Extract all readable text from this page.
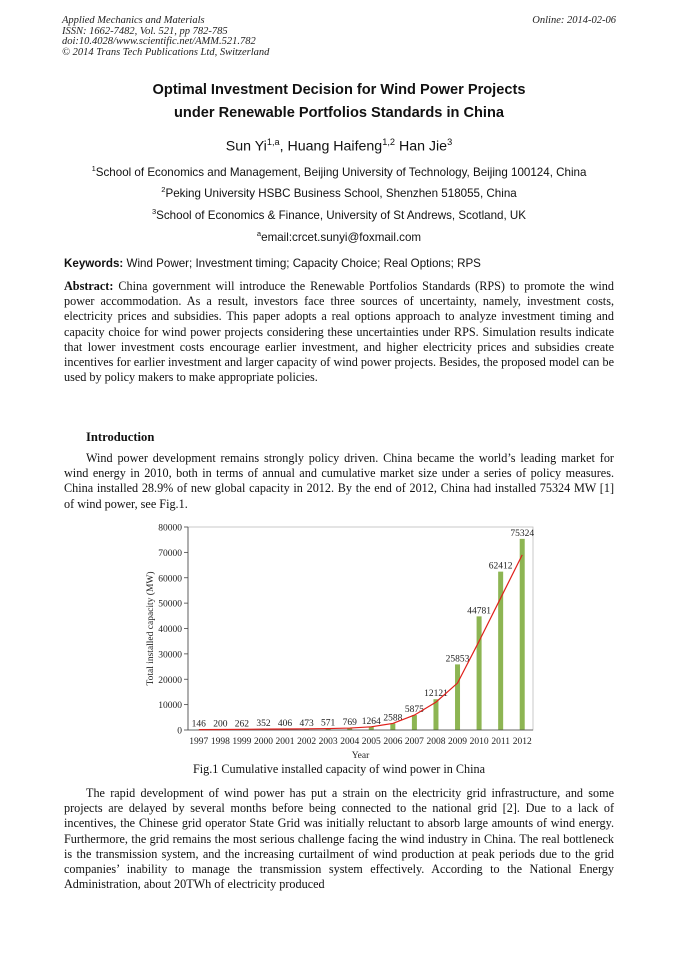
Applied Mechanics and Materials
ISSN: 1662-7482, Vol. 521, pp 782-785
doi:10.4028/www.scientific.net/AMM.521.782
© 2014 Trans Tech Publications Ltd, Switzerland
Online: 2014-02-06
Optimal Investment Decision for Wind Power Projects
under Renewable Portfolios Standards in China
Sun Yi$^{1,a}$, Huang Haifeng$^{1,2}$ Han Jie$^3$
$^1$School of Economics and Management, Beijing University of Technology, Beijing 100124, China
$^2$Peking University HSBC Business School, Shenzhen 518055, China
$^3$School of Economics & Finance, University of St Andrews, Scotland, UK
$^a$email:crcet.sunyi@foxmail.com
Keywords: Wind Power; Investment timing; Capacity Choice; Real Options; RPS
Abstract: China government will introduce the Renewable Portfolios Standards (RPS) to promote the wind power accommodation. As a result, investors face three sources of uncertainty, namely, investment costs, electricity prices and subsidies. This paper adopts a real options approach to analyze investment timing and capacity choice for wind power projects considering these uncertainties under RPS. Simulation results indicate that lower investment costs encourage earlier investment, and higher electricity prices and subsidies create incentives for earlier investment and larger capacity of wind power projects. Besides, the proposed model can be used by policy makers to make appropriate policies.
Introduction
Wind power development remains strongly policy driven. China became the world’s leading market for wind energy in 2010, both in terms of annual and cumulative market size under a series of policy measures. China installed 28.9% of new global capacity in 2012. By the end of 2012, China had installed 75324 MW [1] of wind power, see Fig.1.
0
10000
20000
30000
40000
50000
60000
70000
80000
146
1997
200
1998
262
1999
352
2000
406
2001
473
2002
571
2003
769
2004
1264
2005
2588
2006
5875
2007
12121
2008
25853
2009
44781
2010
62412
2011
75324
2012
Year
Total installed capacity (MW)
Fig.1 Cumulative installed capacity of wind power in China
The rapid development of wind power has put a strain on the electricity grid infrastructure, and some projects are delayed by several months before being connected to the national grid [2]. Due to a lack of incentives, the Chinese grid operator State Grid was initially reluctant to absorb large amounts of wind energy. Furthermore, the grid remains the most serious challenge facing the wind industry in China. The real bottleneck is the transmission system, and the increasing curtailment of wind production at peak periods due to the grid companies’ inability to manage the transmission system effectively. According to the National Energy Administration, about 20TWh of electricity produced
